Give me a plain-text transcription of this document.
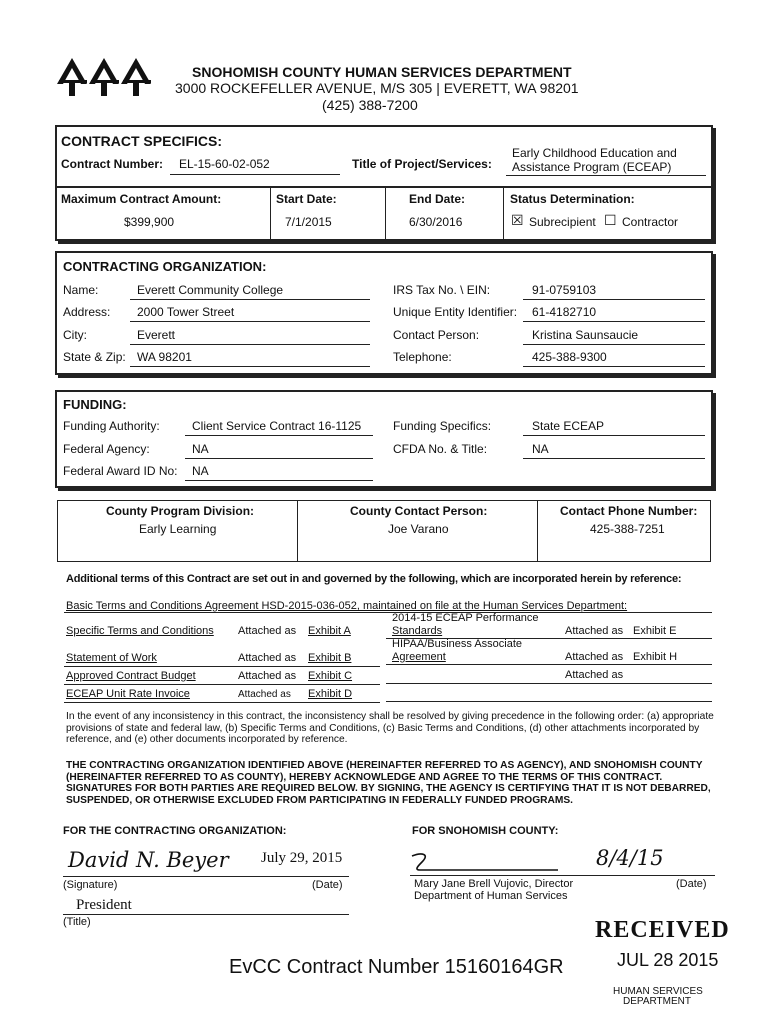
SNOHOMISH COUNTY HUMAN SERVICES DEPARTMENT
3000 ROCKEFELLER AVENUE, M/S 305 | EVERETT, WA 98201
(425) 388-7200
CONTRACT SPECIFICS:
Contract Number: EL-15-60-02-052	Title of Project/Services:
Early Childhood Education and
Assistance Program (ECEAP)
Maximum Contract Amount:
$399,900
Start Date:
7/1/2015
End Date:
6/30/2016
Status Determination:
☒ Subrecipient ☐ Contractor
CONTRACTING ORGANIZATION:
Name:	Everett Community College
Address: 2000 Tower Street
City:	Everett
State & Zip: WA 98201
IRS Tax No. \ EIN:	91-0759103
Unique Entity Identifier: 61-4182710
Contact Person:	Kristina Saunsaucie
Telephone:	425-388-9300
FUNDING:
Funding Authority:	Client Service Contract 16-1125
Federal Agency:	NA
Federal Award ID No: NA
Funding Specifics:	State ECEAP
CFDA No. & Title:	NA
County Program Division:
Early Learning
County Contact Person:
Joe Varano
Contact Phone Number:
425-388-7251
Additional terms of this Contract are set out in and governed by the following, which are incorporated herein by reference:
Basic Terms and Conditions Agreement HSD-2015-036-052, maintained on file at the Human Services Department:
Specific Terms and Conditions Attached as Exhibit A
Statement of Work	Attached as Exhibit B
Approved Contract Budget	Attached as Exhibit C
ECEAP Unit Rate Invoice	Attached as Exhibit D
2014-15 ECEAP Performance
Standards	Attached as Exhibit E
HIPAA/Business Associate
Agreement	Attached as Exhibit H
Attached as
In the event of any inconsistency in this contract, the inconsistency shall be resolved by giving precedence in the following order: (a) appropriate provisions of state and federal law, (b) Specific Terms and Conditions, (c) Basic Terms and Conditions, (d) other attachments incorporated by reference, and (e) other documents incorporated by reference.
THE CONTRACTING ORGANIZATION IDENTIFIED ABOVE (HEREINAFTER REFERRED TO AS AGENCY), AND SNOHOMISH COUNTY (HEREINAFTER REFERRED TO AS COUNTY), HEREBY ACKNOWLEDGE AND AGREE TO THE TERMS OF THIS CONTRACT. SIGNATURES FOR BOTH PARTIES ARE REQUIRED BELOW. BY SIGNING, THE AGENCY IS CERTIFYING THAT IT IS NOT DEBARRED, SUSPENDED, OR OTHERWISE EXCLUDED FROM PARTICIPATING IN FEDERALLY FUNDED PROGRAMS.
FOR THE CONTRACTING ORGANIZATION:	FOR SNOHOMISH COUNTY:
David N. Beyer July 29, 2015
(Signature)	(Date)
President
(Title)
8/4/15
Mary Jane Brell Vujovic, Director
Department of Human Services
(Date)
RECEIVED
JUL 28 2015
HUMAN SERVICES
DEPARTMENT
EvCC Contract Number 15160164GR
